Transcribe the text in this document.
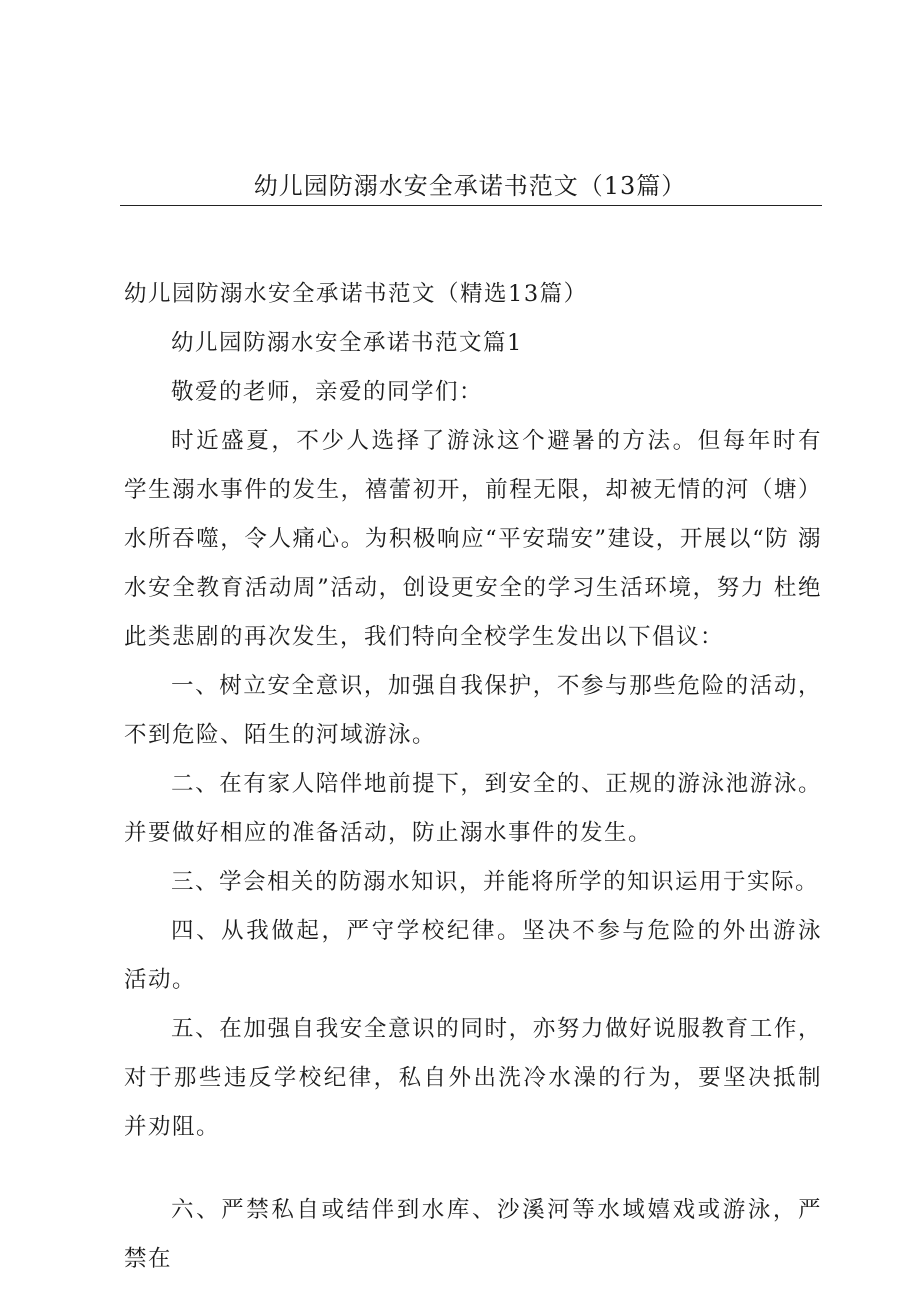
幼儿园防溺水安全承诺书范文（13篇）

幼儿园防溺水安全承诺书范文（精选13篇）

幼儿园防溺水安全承诺书范文篇1

敬爱的老师，亲爱的同学们：

时近盛夏，不少人选择了游泳这个避暑的方法。但每年时有 学生溺水事件的发生，禧蕾初开，前程无限，却被无情的河（塘） 水所吞噬，令人痛心。为积极响应“平安瑞安”建设，开展以“防 溺水安全教育活动周”活动，创设更安全的学习生活环境，努力 杜绝此类悲剧的再次发生，我们特向全校学生发出以下倡议：

一、树立安全意识，加强自我保护，不参与那些危险的活动， 不到危险、陌生的河域游泳。

二、在有家人陪伴地前提下，到安全的、正规的游泳池游泳。 并要做好相应的准备活动，防止溺水事件的发生。

三、学会相关的防溺水知识，并能将所学的知识运用于实际。

四、从我做起，严守学校纪律。坚决不参与危险的外出游泳 活动。

五、在加强自我安全意识的同时，亦努力做好说服教育工作， 对于那些违反学校纪律，私自外出洗冷水澡的行为，要坚决抵制 并劝阻。

六、严禁私自或结伴到水库、沙溪河等水域嬉戏或游泳，严 禁在
